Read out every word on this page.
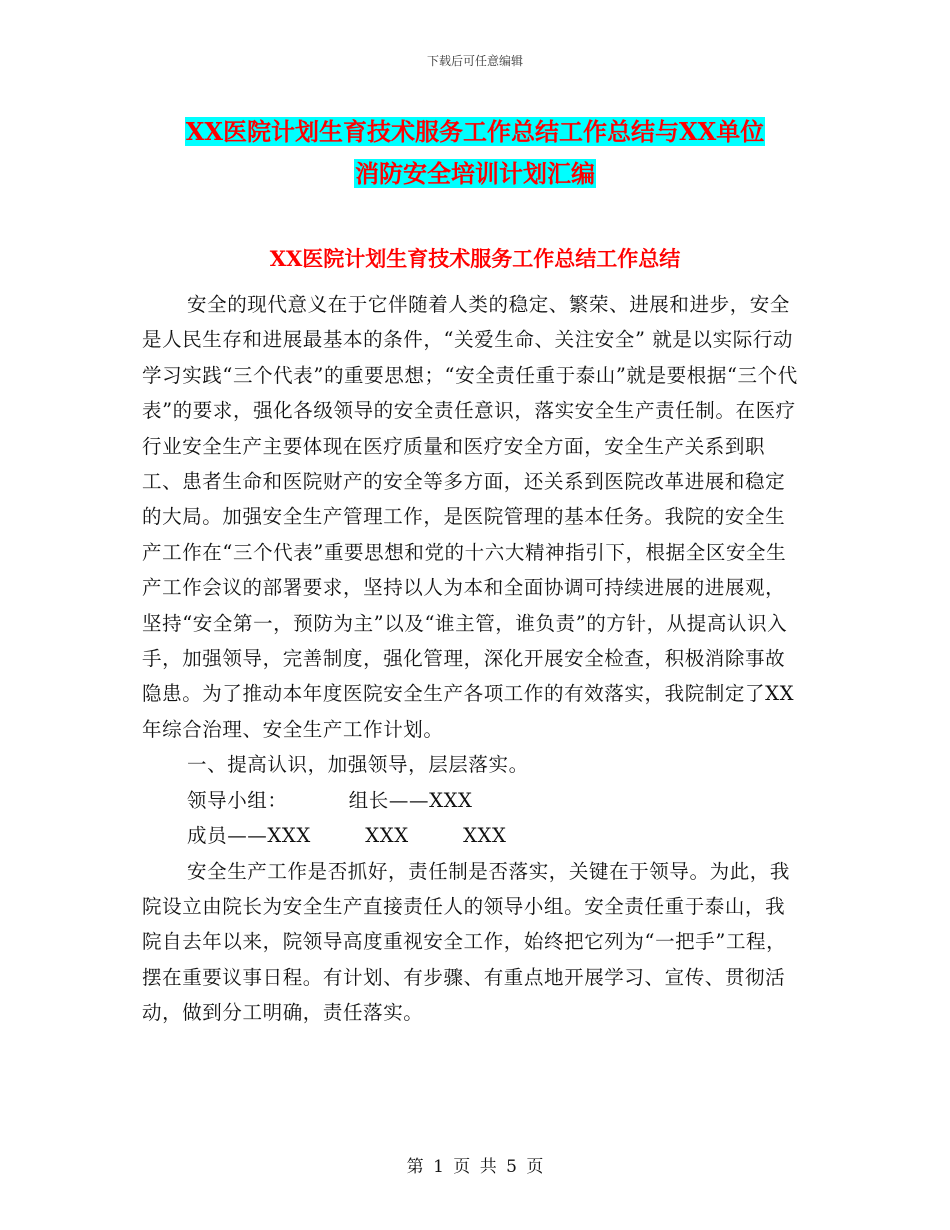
下载后可任意编辑
XX医院计划生育技术服务工作总结工作总结与XX单位
消防安全培训计划汇编
XX医院计划生育技术服务工作总结工作总结

安全的现代意义在于它伴随着人类的稳定、繁荣、进展和进步，安全是人民生存和进展最基本的条件，“关爱生命、关注安全” 就是以实际行动学习实践“三个代表”的重要思想；“安全责任重于泰山”就是要根据“三个代表”的要求，强化各级领导的安全责任意识，落实安全生产责任制。在医疗行业安全生产主要体现在医疗质量和医疗安全方面，安全生产关系到职工、患者生命和医院财产的安全等多方面，还关系到医院改革进展和稳定的大局。加强安全生产管理工作，是医院管理的基本任务。我院的安全生产工作在“三个代表”重要思想和党的十六大精神指引下，根据全区安全生产工作会议的部署要求，坚持以人为本和全面协调可持续进展的进展观，坚持“安全第一，预防为主”以及“谁主管，谁负责”的方针，从提高认识入手，加强领导，完善制度，强化管理，深化开展安全检查，积极消除事故隐患。为了推动本年度医院安全生产各项工作的有效落实，我院制定了XX年综合治理、安全生产工作计划。

一、提高认识，加强领导，层层落实。

领导小组：         组长——XXX

成员——XXX        XXX        XXX

安全生产工作是否抓好，责任制是否落实，关键在于领导。为此，我院设立由院长为安全生产直接责任人的领导小组。安全责任重于泰山，我院自去年以来，院领导高度重视安全工作，始终把它列为“一把手”工程，摆在重要议事日程。有计划、有步骤、有重点地开展学习、宣传、贯彻活动，做到分工明确，责任落实。

第 1 页 共 5 页
